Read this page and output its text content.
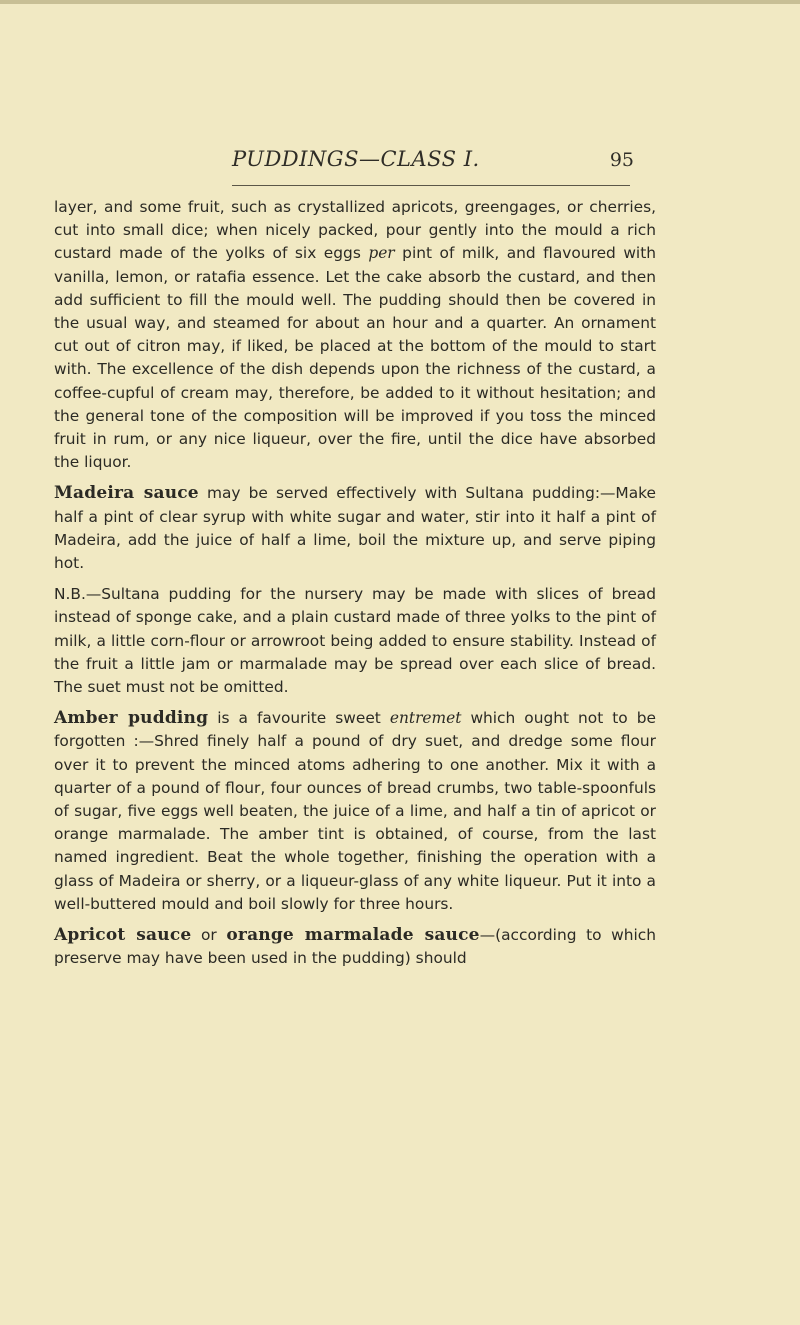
PUDDINGS—CLASS I.	95

layer, and some fruit, such as crystallized apricots, greengages, or cherries, cut into small dice; when nicely packed, pour gently into the mould a rich custard made of the yolks of six eggs per pint of milk, and flavoured with vanilla, lemon, or ratafia essence. Let the cake absorb the custard, and then add sufficient to fill the mould well. The pudding should then be covered in the usual way, and steamed for about an hour and a quarter. An ornament cut out of citron may, if liked, be placed at the bottom of the mould to start with. The excellence of the dish depends upon the richness of the custard, a coffee-cupful of cream may, therefore, be added to it without hesitation; and the general tone of the composition will be improved if you toss the minced fruit in rum, or any nice liqueur, over the fire, until the dice have absorbed the liquor.

Madeira sauce may be served effectively with Sultana pudding:—Make half a pint of clear syrup with white sugar and water, stir into it half a pint of Madeira, add the juice of half a lime, boil the mixture up, and serve piping hot.

N.B.—Sultana pudding for the nursery may be made with slices of bread instead of sponge cake, and a plain custard made of three yolks to the pint of milk, a little corn-flour or arrowroot being added to ensure stability. Instead of the fruit a little jam or marmalade may be spread over each slice of bread. The suet must not be omitted.

Amber pudding is a favourite sweet entremet which ought not to be forgotten :—Shred finely half a pound of dry suet, and dredge some flour over it to prevent the minced atoms adhering to one another. Mix it with a quarter of a pound of flour, four ounces of bread crumbs, two table-spoonfuls of sugar, five eggs well beaten, the juice of a lime, and half a tin of apricot or orange marmalade. The amber tint is obtained, of course, from the last named ingredient. Beat the whole together, finishing the operation with a glass of Madeira or sherry, or a liqueur-glass of any white liqueur. Put it into a well-buttered mould and boil slowly for three hours.

Apricot sauce or orange marmalade sauce—(according to which preserve may have been used in the pudding) should
